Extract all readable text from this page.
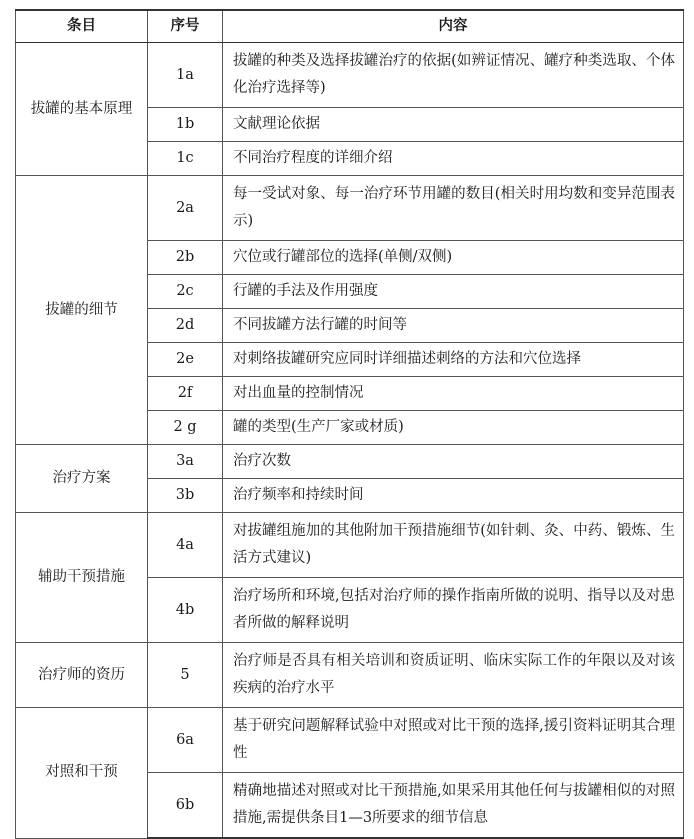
条目	序号	内容
拔罐的基本原理	1a	拔罐的种类及选择拔罐治疗的依据(如辨证情况、罐疗种类选取、个体化治疗选择等)
	1b	文献理论依据
	1c	不同治疗程度的详细介绍
拔罐的细节	2a	每一受试对象、每一治疗环节用罐的数目(相关时用均数和变异范围表示)
	2b	穴位或行罐部位的选择(单侧/双侧)
	2c	行罐的手法及作用强度
	2d	不同拔罐方法行罐的时间等
	2e	对刺络拔罐研究应同时详细描述刺络的方法和穴位选择
	2f	对出血量的控制情况
	2 g	罐的类型(生产厂家或材质)
治疗方案	3a	治疗次数
	3b	治疗频率和持续时间
辅助干预措施	4a	对拔罐组施加的其他附加干预措施细节(如针刺、灸、中药、锻炼、生活方式建议)
	4b	治疗场所和环境,包括对治疗师的操作指南所做的说明、指导以及对患者所做的解释说明
治疗师的资历	5	治疗师是否具有相关培训和资质证明、临床实际工作的年限以及对该疾病的治疗水平
对照和干预	6a	基于研究问题解释试验中对照或对比干预的选择,援引资料证明其合理性
	6b	精确地描述对照或对比干预措施,如果采用其他任何与拔罐相似的对照措施,需提供条目1—3所要求的细节信息
